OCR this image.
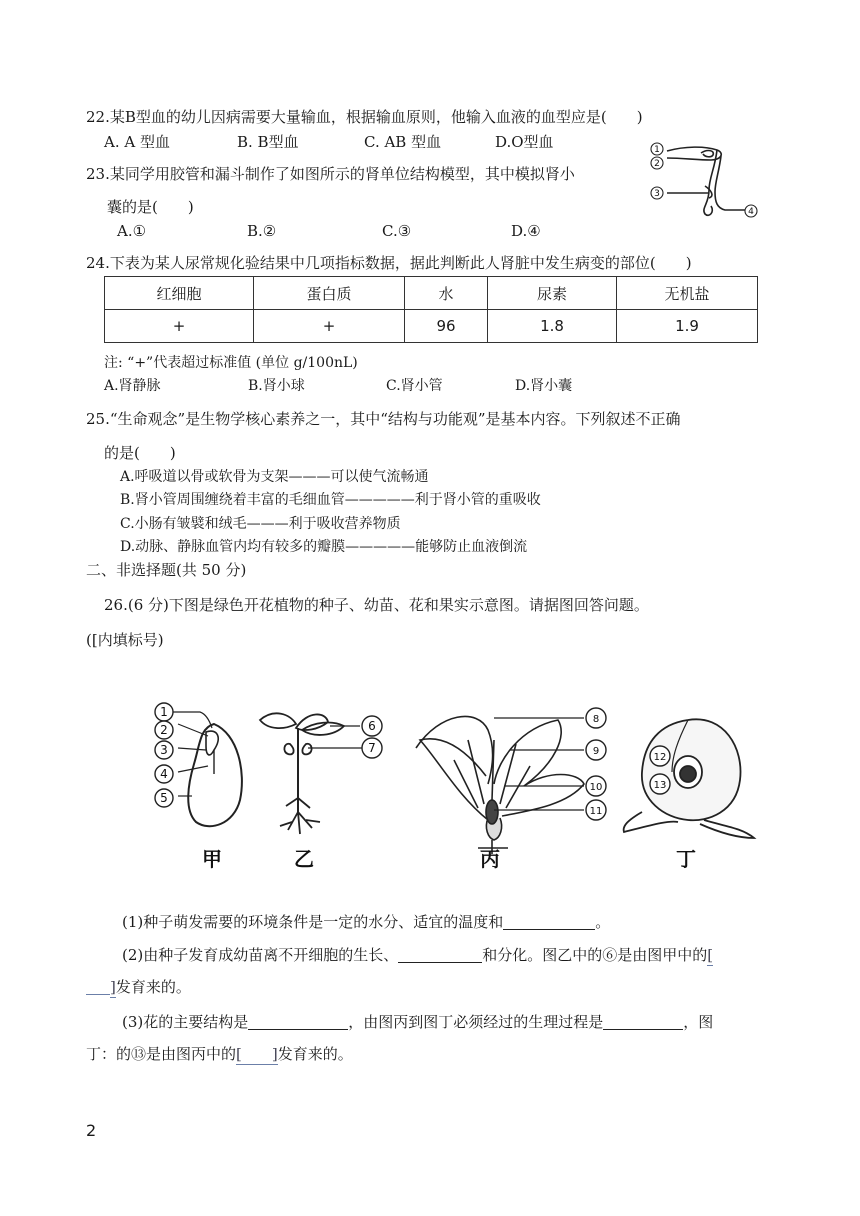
22.某B型血的幼儿因病需要大量输血，根据输血原则，他输入血液的血型应是(　　)
A. A 型血	B. B型血	C. AB 型血	D.O型血
23.某同学用胶管和漏斗制作了如图所示的肾单位结构模型，其中模拟肾小
囊的是(　　)
A.①	B.②	C.③	D.④
1
2
3
4
24.下表为某人尿常规化验结果中几项指标数据，据此判断此人肾脏中发生病变的部位(　　)
红细胞	蛋白质	水	尿素	无机盐
+	+	96	1.8	1.9
注: “+”代表超过标准值 (单位 g/100nL)
A.肾静脉	B.肾小球	C.肾小管	D.肾小囊
25.“生命观念”是生物学核心素养之一，其中“结构与功能观”是基本内容。下列叙述不正确
的是(　　)
A.呼吸道以骨或软骨为支架———可以使气流畅通
B.肾小管周围缠绕着丰富的毛细血管—————利于肾小管的重吸收
C.小肠有皱襞和绒毛———利于吸收营养物质
D.动脉、静脉血管内均有较多的瓣膜—————能够防止血液倒流
二、非选择题(共 50 分)
26.(6 分)下图是绿色开花植物的种子、幼苗、花和果实示意图。请据图回答问题。
([内填标号)
1
2
3
4
5
6
7
8
9
10
11
12
13
甲	乙	丙	丁
(1)种子萌发需要的环境条件是一定的水分、适宜的温度和	。
(2)由种子发育成幼苗离不开细胞的生长、	和分化。图乙中的⑥是由图甲中的[
]发育来的。
(3)花的主要结构是	，由图丙到图丁必须经过的生理过程是	，图
丁：的⑬是由图丙中的[　　]发育来的。
2
